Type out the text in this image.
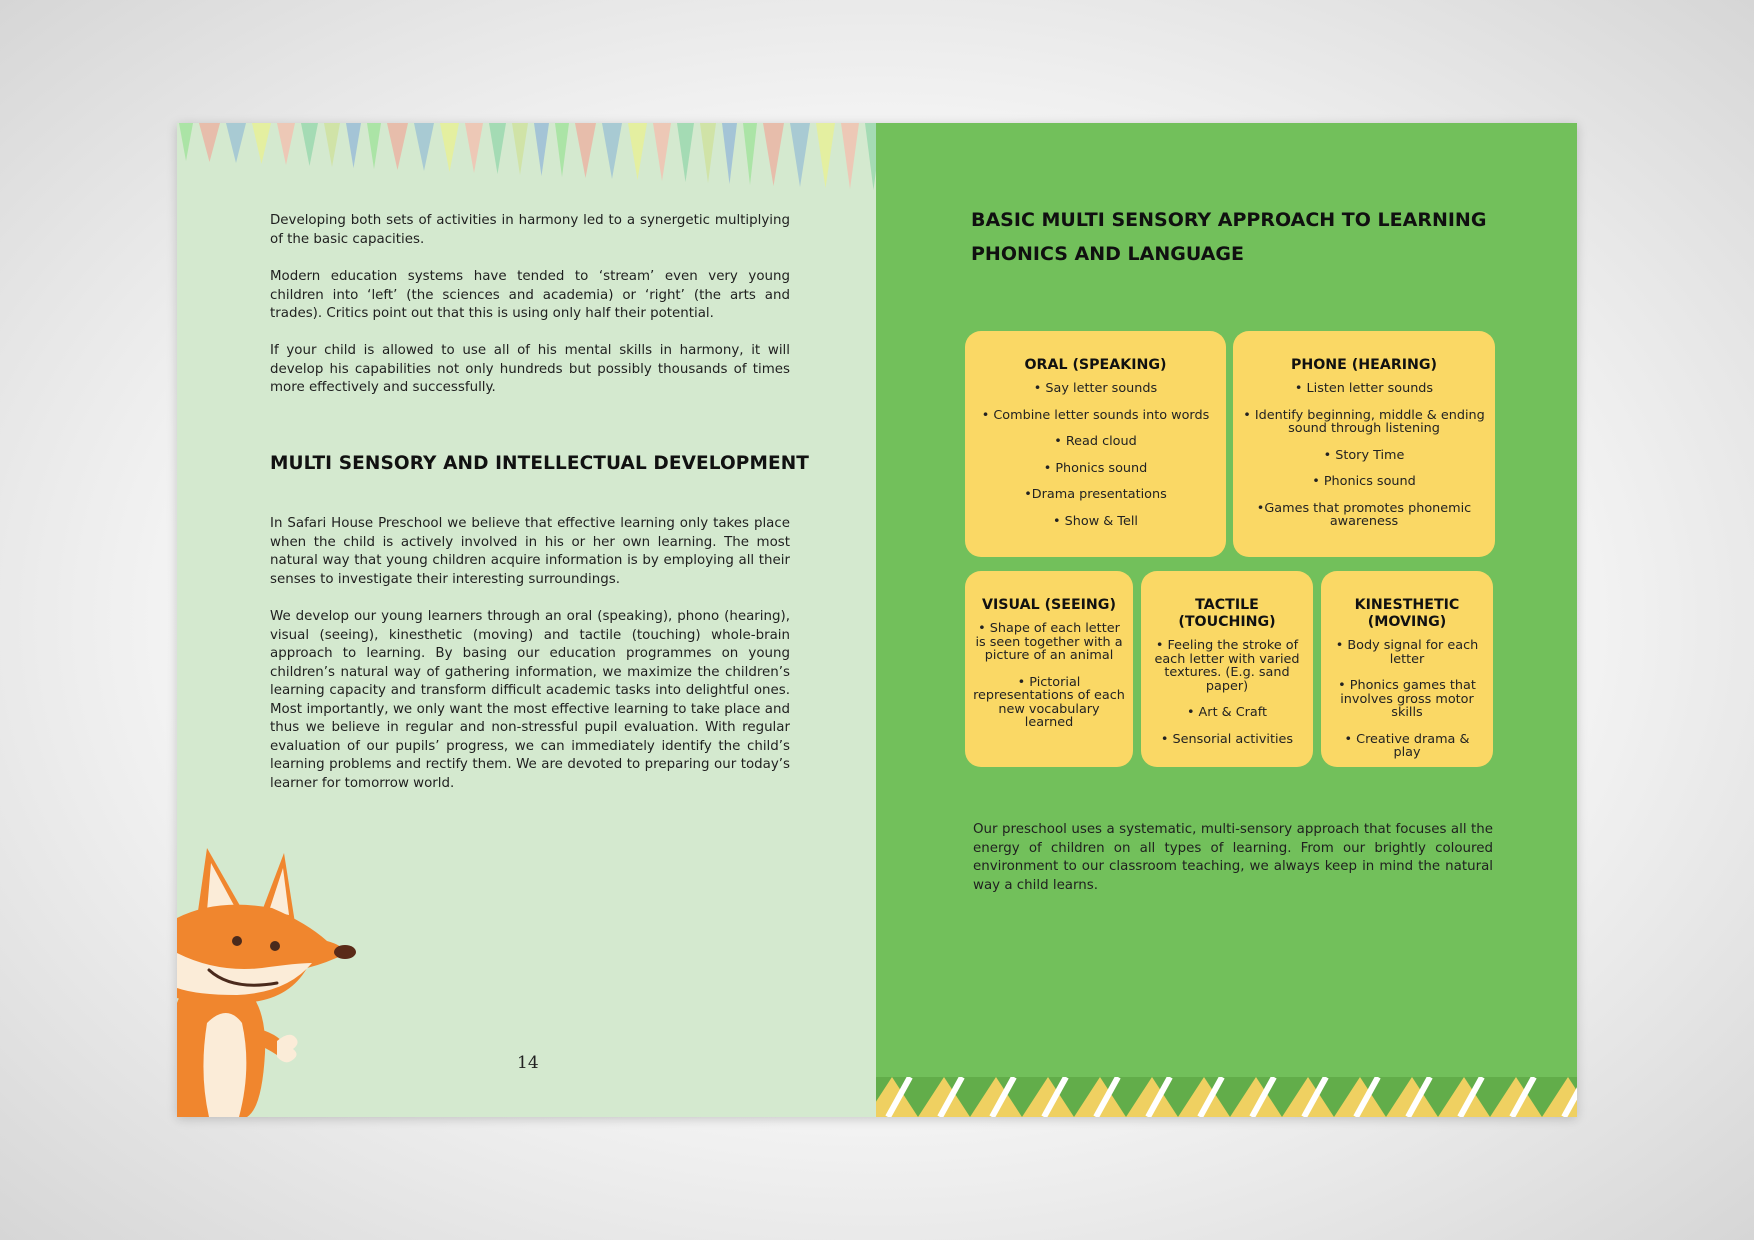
Developing both sets of activities in harmony led to a synergetic multiplying of the basic capacities.

Modern education systems have tended to ‘stream’ even very young children into ‘left’ (the sciences and academia) or ‘right’ (the arts and trades). Critics point out that this is using only half their potential.

If your child is allowed to use all of his mental skills in harmony, it will develop his capabilities not only hundreds but possibly thousands of times more effectively and successfully.

MULTI SENSORY AND INTELLECTUAL DEVELOPMENT

In Safari House Preschool we believe that effective learning only takes place when the child is actively involved in his or her own learning. The most natural way that young children acquire information is by employing all their senses to investigate their interesting surroundings.

We develop our young learners through an oral (speaking), phono (hearing), visual (seeing), kinesthetic (moving) and tactile (touching) whole-brain approach to learning. By basing our education programmes on young children’s natural way of gathering information, we maximize the children’s learning capacity and transform difficult academic tasks into delightful ones. Most importantly, we only want the most effective learning to take place and thus we believe in regular and non-stressful pupil evaluation. With regular evaluation of our pupils’ progress, we can immediately identify the child’s learning problems and rectify them. We are devoted to preparing our today’s learner for tomorrow world.

14
BASIC MULTI SENSORY APPROACH TO LEARNING
PHONICS AND LANGUAGE
ORAL (SPEAKING)
• Say letter sounds
• Combine letter sounds into words
• Read cloud
• Phonics sound
•Drama presentations
• Show & Tell
PHONE (HEARING)
• Listen letter sounds
• Identify beginning, middle & ending sound through listening
• Story Time
• Phonics sound
•Games that promotes phonemic awareness
VISUAL (SEEING)
• Shape of each letter is seen together with a picture of an animal
• Pictorial representations of each new vocabulary learned
TACTILE (TOUCHING)
• Feeling the stroke of each letter with varied textures. (E.g. sand paper)
• Art & Craft
• Sensorial activities
KINESTHETIC (MOVING)
• Body signal for each letter
• Phonics games that involves gross motor skills
• Creative drama & play

Our preschool uses a systematic, multi-sensory approach that focuses all the energy of children on all types of learning. From our brightly coloured environment to our classroom teaching, we always keep in mind the natural way a child learns.
